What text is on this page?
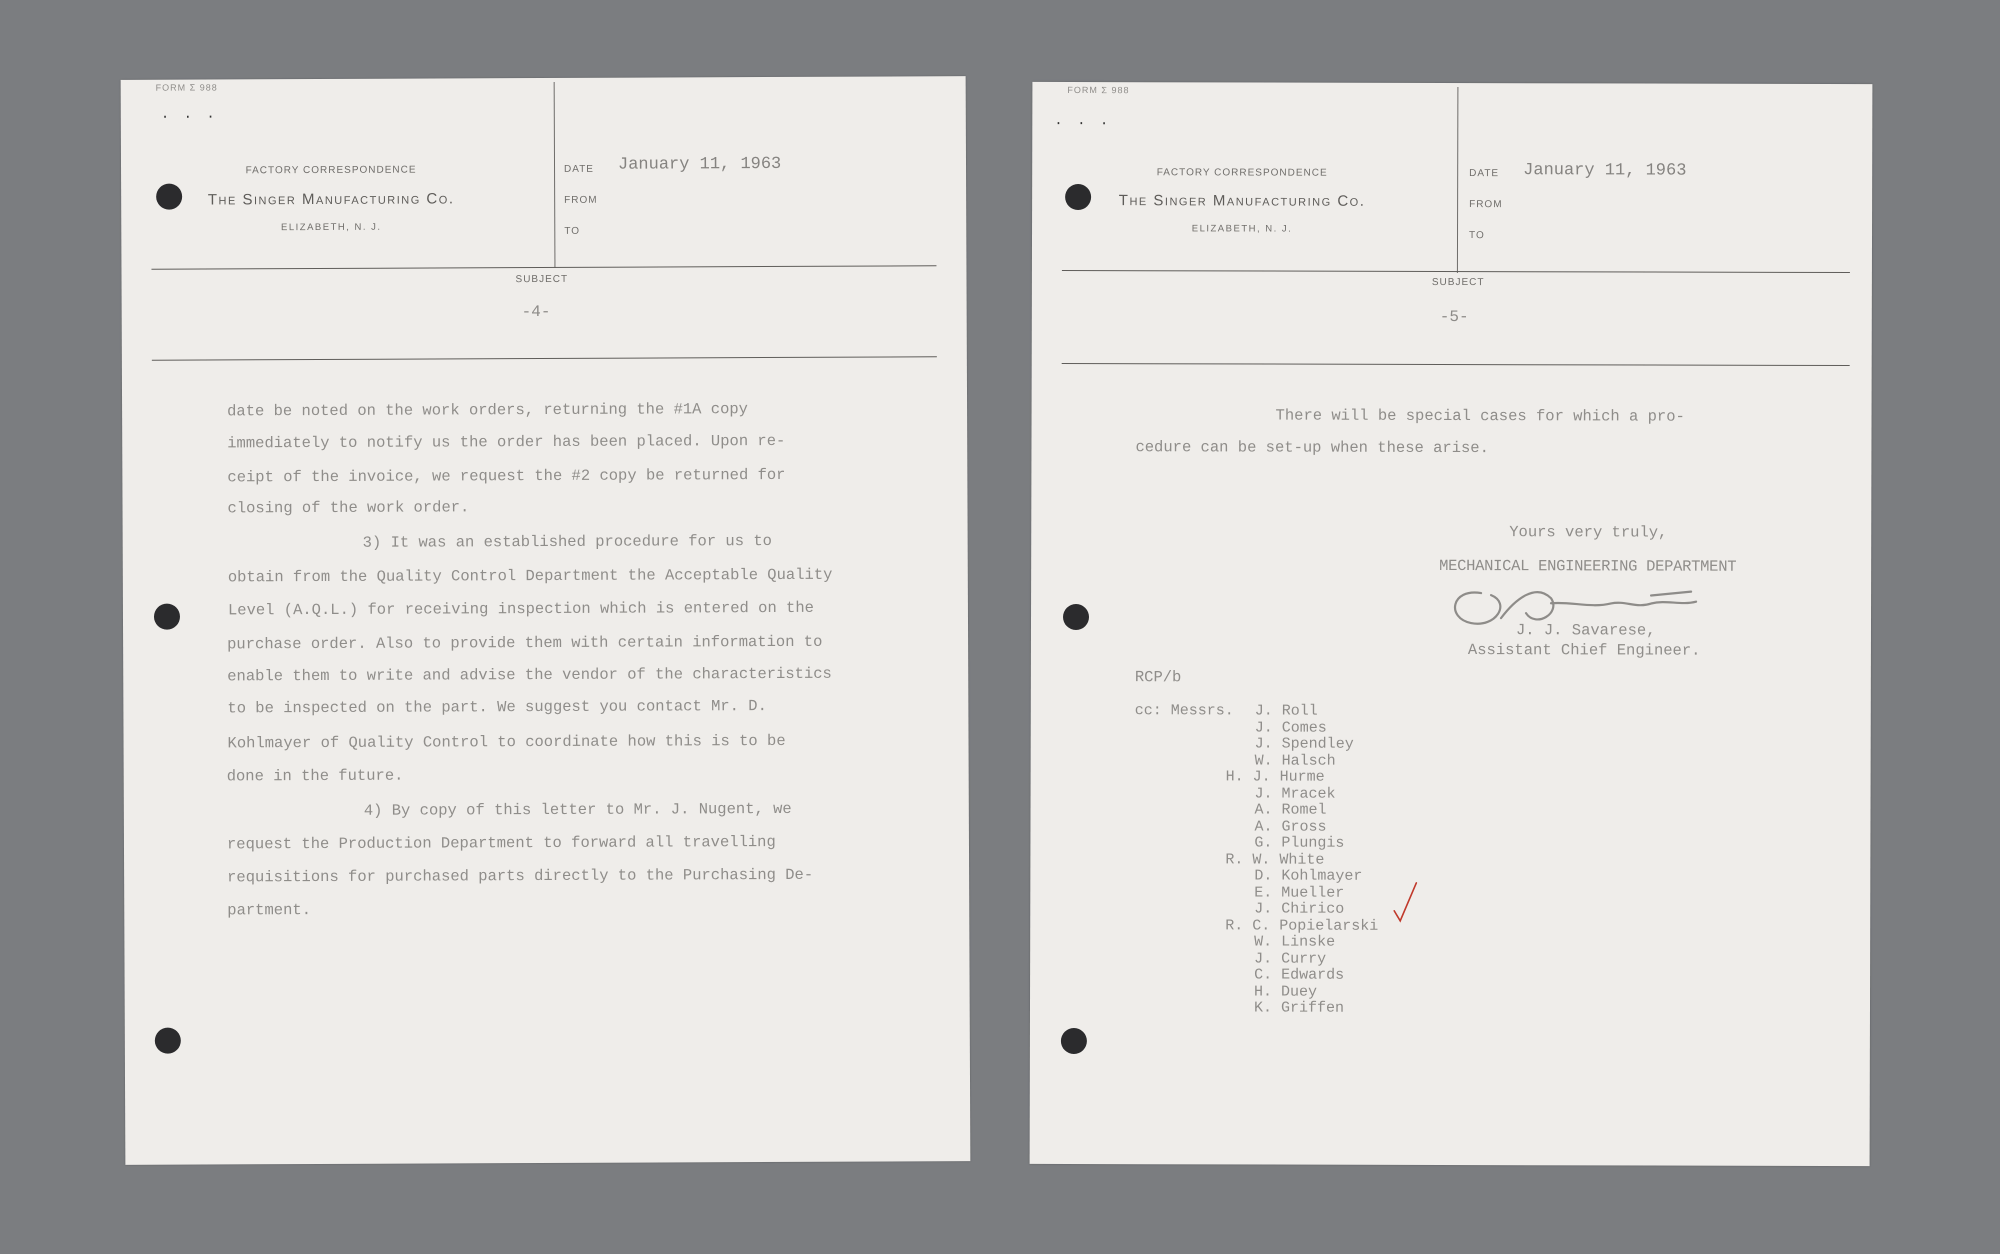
FORM Σ 988
· · ·
FACTORY CORRESPONDENCE
The Singer Manufacturing Co.
ELIZABETH, N. J.
DATE January 11, 1963
FROM
TO
SUBJECT
-4-
date be noted on the work orders, returning the #1A copy
immediately to notify us the order has been placed. Upon re-
ceipt of the invoice, we request the #2 copy be returned for
closing of the work order.
3) It was an established procedure for us to
obtain from the Quality Control Department the Acceptable Quality
Level (A.Q.L.) for receiving inspection which is entered on the
purchase order. Also to provide them with certain information to
enable them to write and advise the vendor of the characteristics
to be inspected on the part. We suggest you contact Mr. D.
Kohlmayer of Quality Control to coordinate how this is to be
done in the future.
4) By copy of this letter to Mr. J. Nugent, we
request the Production Department to forward all travelling
requisitions for purchased parts directly to the Purchasing De-
partment.
FORM Σ 988
· · ·
FACTORY CORRESPONDENCE
The Singer Manufacturing Co.
ELIZABETH, N. J.
DATE January 11, 1963
FROM
TO
SUBJECT
-5-
There will be special cases for which a pro-
cedure can be set-up when these arise.
Yours very truly,
MECHANICAL ENGINEERING DEPARTMENT
J. J. Savarese,
Assistant Chief Engineer.
RCP/b
cc: Messrs. J. Roll
J. Comes
J. Spendley
W. Halsch
H. J. Hurme
J. Mracek
A. Romel
A. Gross
G. Plungis
R. W. White
D. Kohlmayer
E. Mueller
J. Chirico
R. C. Popielarski
W. Linske
J. Curry
C. Edwards
H. Duey
K. Griffen
